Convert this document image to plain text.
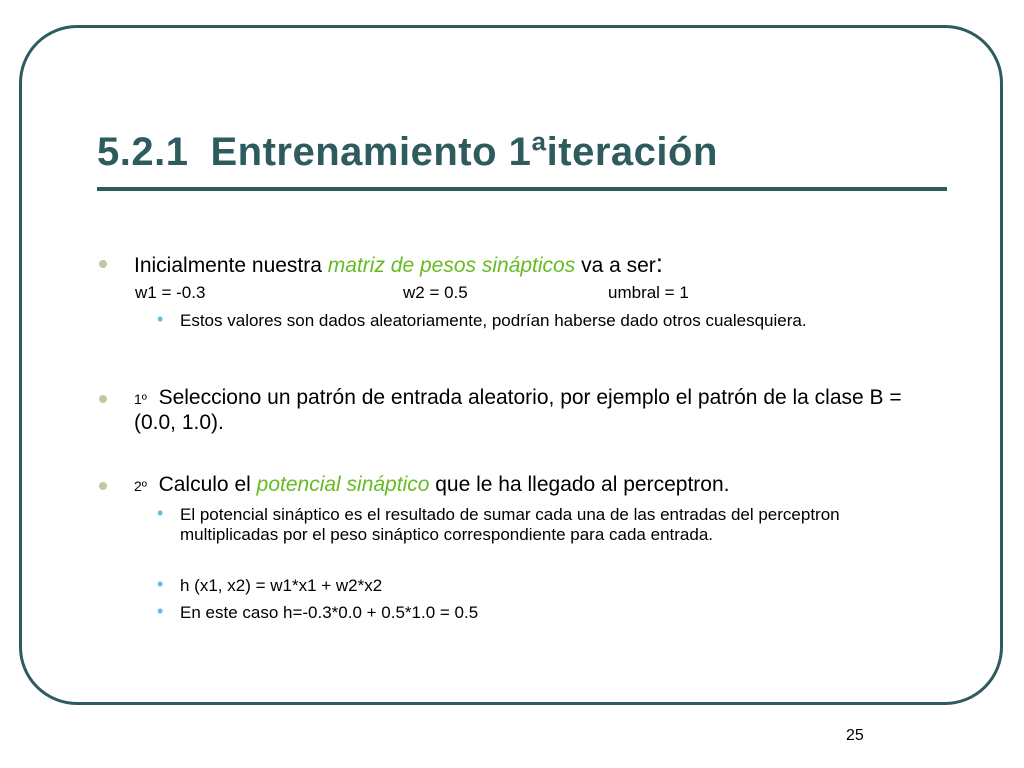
5.2.1 Entrenamiento 1ªiteración
Inicialmente nuestra matriz de pesos sinápticos va a ser:
w1 = -0.3	w2 = 0.5	umbral = 1
• Estos valores son dados aleatoriamente, podrían haberse dado otros cualesquiera.
1º Selecciono un patrón de entrada aleatorio, por ejemplo el patrón de la clase B = (0.0, 1.0).
2º Calculo el potencial sináptico que le ha llegado al perceptron.
• El potencial sináptico es el resultado de sumar cada una de las entradas del perceptron multiplicadas por el peso sináptico correspondiente para cada entrada.
• h (x1, x2) = w1*x1 + w2*x2
• En este caso h=-0.3*0.0 + 0.5*1.0 = 0.5
25
